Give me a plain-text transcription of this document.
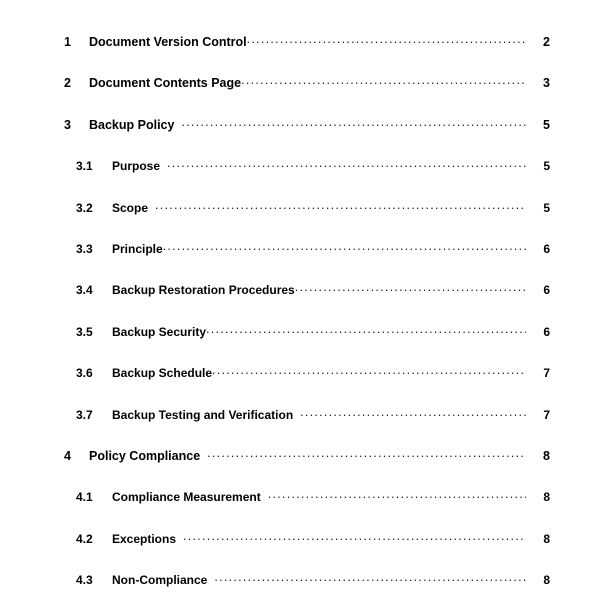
1	Document Version Control . . .	2
2	Document Contents Page . . .	3
3	Backup Policy . . .	5
3.1	Purpose . . .	5
3.2	Scope . . .	5
3.3	Principle . . .	6
3.4	Backup Restoration Procedures . . .	6
3.5	Backup Security . . .	6
3.6	Backup Schedule . . .	7
3.7	Backup Testing and Verification . . .	7
4	Policy Compliance . . .	8
4.1	Compliance Measurement . . .	8
4.2	Exceptions . . .	8
4.3	Non-Compliance . . .	8
